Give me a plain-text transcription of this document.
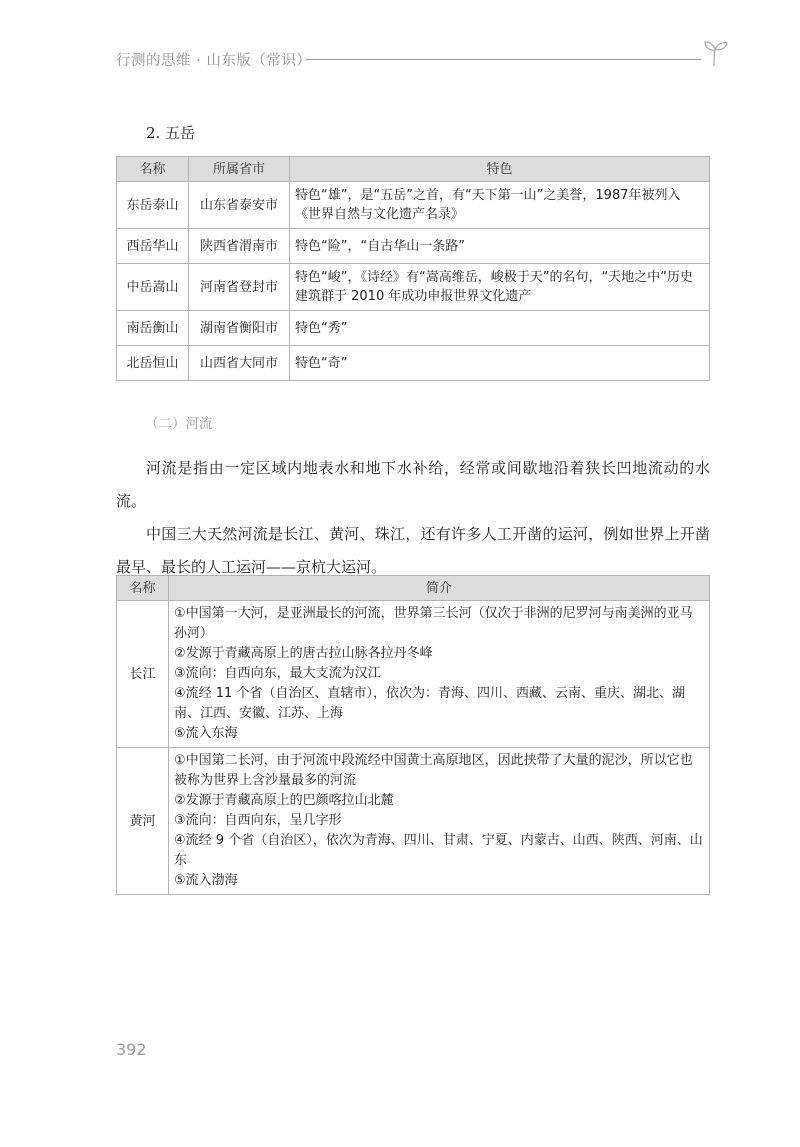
行测的思维 · 山东版（常识）
2. 五岳
名称	所属省市	特色
东岳泰山	山东省泰安市	特色“雄”，是“五岳”之首，有“天下第一山”之美誉，1987年被列入《世界自然与文化遗产名录》
西岳华山	陕西省渭南市	特色“险”，“自古华山一条路”
中岳嵩山	河南省登封市	特色“峻”，《诗经》有“嵩高维岳，峻极于天”的名句，“天地之中”历史建筑群于 2010 年成功申报世界文化遗产
南岳衡山	湖南省衡阳市	特色“秀”
北岳恒山	山西省大同市	特色“奇”
（二）河流

河流是指由一定区域内地表水和地下水补给，经常或间歇地沿着狭长凹地流动的水流。

中国三大天然河流是长江、黄河、珠江，还有许多人工开凿的运河，例如世界上开凿最早、最长的人工运河——京杭大运河。

名称	简介
长江	①中国第一大河，是亚洲最长的河流，世界第三长河（仅次于非洲的尼罗河与南美洲的亚马孙河）
②发源于青藏高原上的唐古拉山脉各拉丹冬峰
③流向：自西向东，最大支流为汉江
④流经 11 个省（自治区、直辖市），依次为：青海、四川、西藏、云南、重庆、湖北、湖南、江西、安徽、江苏、上海
⑤流入东海

黄河	①中国第二长河，由于河流中段流经中国黄土高原地区，因此挟带了大量的泥沙，所以它也被称为世界上含沙量最多的河流
②发源于青藏高原上的巴颜喀拉山北麓
③流向：自西向东，呈几字形
④流经 9 个省（自治区），依次为青海、四川、甘肃、宁夏、内蒙古、山西、陕西、河南、山东
⑤流入渤海
392
